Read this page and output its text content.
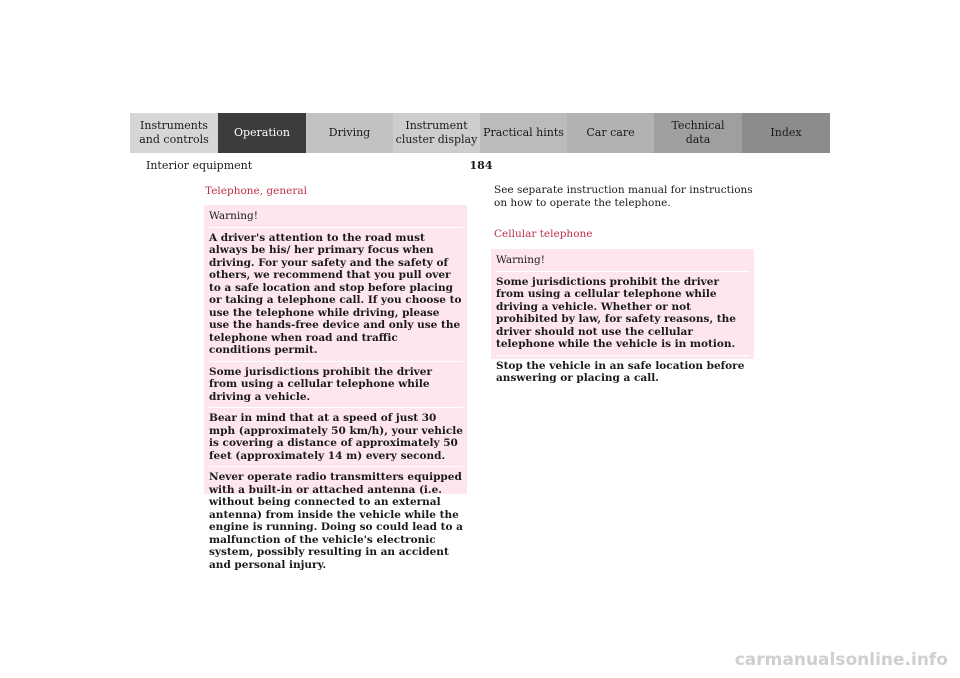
Instruments
and controls
Operation	Driving
Instrument
cluster display
Practical hints Car care
Technical
data
Index
Interior equipment	184
Telephone, general
Warning!
A driver's attention to the road must always be his/ her primary focus when driving. For your safety and the safety of others, we recommend that you pull over to a safe location and stop before placing or taking a telephone call. If you choose to use the telephone while driving, please use the hands-free device and only use the telephone when road and traffic conditions permit.
Some jurisdictions prohibit the driver from using a cellular telephone while driving a vehicle.
Bear in mind that at a speed of just 30 mph (approximately 50 km/h), your vehicle is covering a distance of approximately 50 feet (approximately 14 m) every second.
Never operate radio transmitters equipped with a built-in or attached antenna (i.e. without being connected to an external antenna) from inside the vehicle while the engine is running. Doing so could lead to a malfunction of the vehicle's electronic system, possibly resulting in an accident and personal injury.
See separate instruction manual for instructions on how to operate the telephone.
Cellular telephone
Warning!
Some jurisdictions prohibit the driver from using a cellular telephone while driving a vehicle. Whether or not prohibited by law, for safety reasons, the driver should not use the cellular telephone while the vehicle is in motion.
Stop the vehicle in an safe location before answering or placing a call.
carmanualsonline.info
